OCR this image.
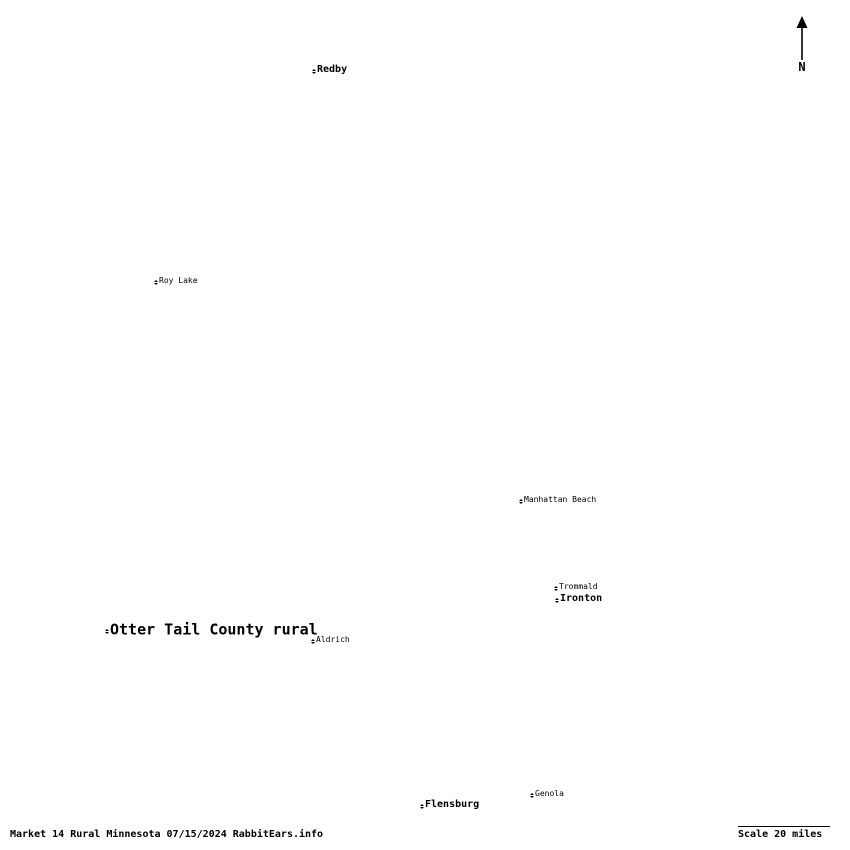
Redby
Roy Lake
Manhattan Beach
Trommald
Ironton
Otter Tail County rural
Aldrich
Genola
Flensburg
N
Scale 20 miles
Market 14 Rural Minnesota 07/15/2024 RabbitEars.info
